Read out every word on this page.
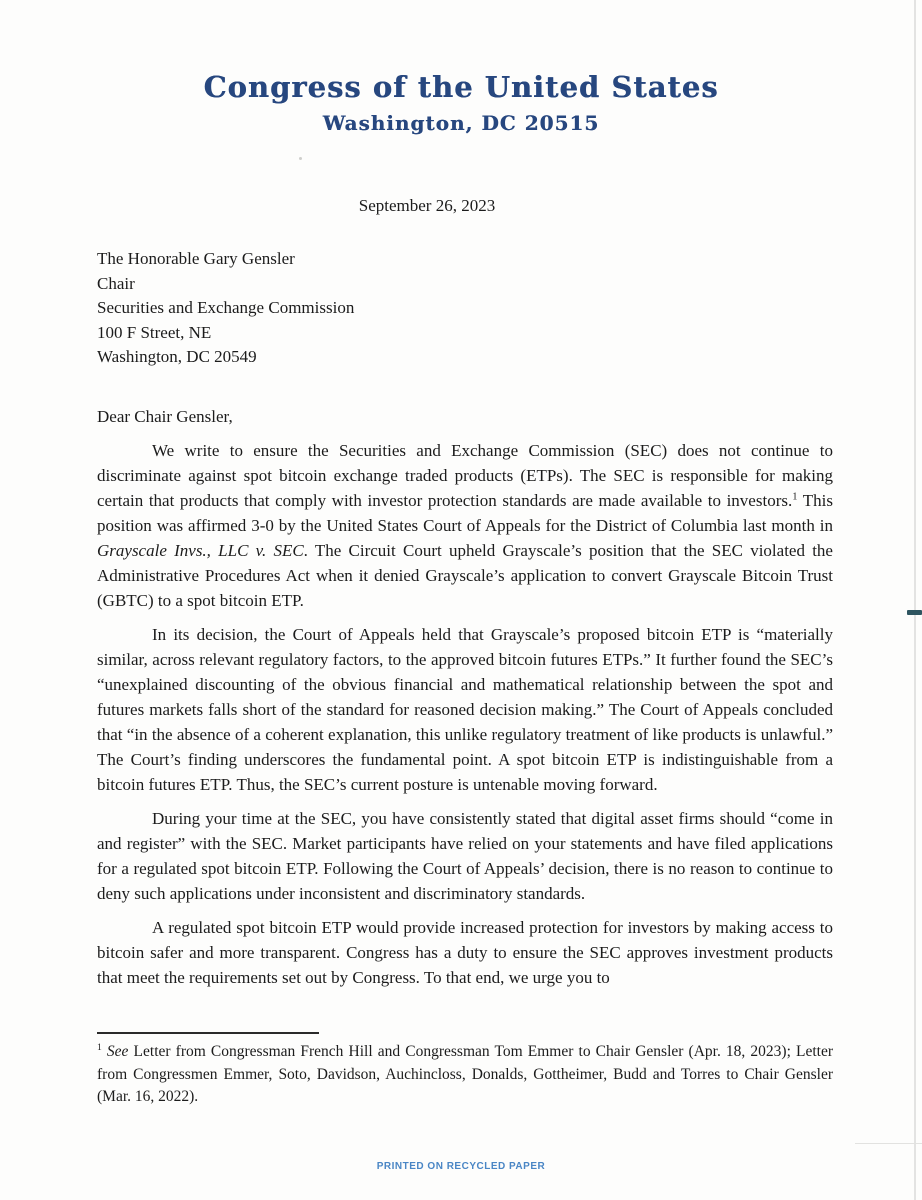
Congress of the United States
Washington, DC 20515
September 26, 2023
The Honorable Gary Gensler
Chair
Securities and Exchange Commission
100 F Street, NE
Washington, DC 20549

Dear Chair Gensler,

We write to ensure the Securities and Exchange Commission (SEC) does not continue to discriminate against spot bitcoin exchange traded products (ETPs). The SEC is responsible for making certain that products that comply with investor protection standards are made available to investors.$^1$ This position was affirmed 3-0 by the United States Court of Appeals for the District of Columbia last month in Grayscale Invs., LLC v. SEC. The Circuit Court upheld Grayscale’s position that the SEC violated the Administrative Procedures Act when it denied Grayscale’s application to convert Grayscale Bitcoin Trust (GBTC) to a spot bitcoin ETP.

In its decision, the Court of Appeals held that Grayscale’s proposed bitcoin ETP is “materially similar, across relevant regulatory factors, to the approved bitcoin futures ETPs.” It further found the SEC’s “unexplained discounting of the obvious financial and mathematical relationship between the spot and futures markets falls short of the standard for reasoned decision making.” The Court of Appeals concluded that “in the absence of a coherent explanation, this unlike regulatory treatment of like products is unlawful.” The Court’s finding underscores the fundamental point. A spot bitcoin ETP is indistinguishable from a bitcoin futures ETP. Thus, the SEC’s current posture is untenable moving forward.

During your time at the SEC, you have consistently stated that digital asset firms should “come in and register” with the SEC. Market participants have relied on your statements and have filed applications for a regulated spot bitcoin ETP. Following the Court of Appeals’ decision, there is no reason to continue to deny such applications under inconsistent and discriminatory standards.

A regulated spot bitcoin ETP would provide increased protection for investors by making access to bitcoin safer and more transparent. Congress has a duty to ensure the SEC approves investment products that meet the requirements set out by Congress. To that end, we urge you to

$^1$ See Letter from Congressman French Hill and Congressman Tom Emmer to Chair Gensler (Apr. 18, 2023); Letter from Congressmen Emmer, Soto, Davidson, Auchincloss, Donalds, Gottheimer, Budd and Torres to Chair Gensler (Mar. 16, 2022).

PRINTED ON RECYCLED PAPER
